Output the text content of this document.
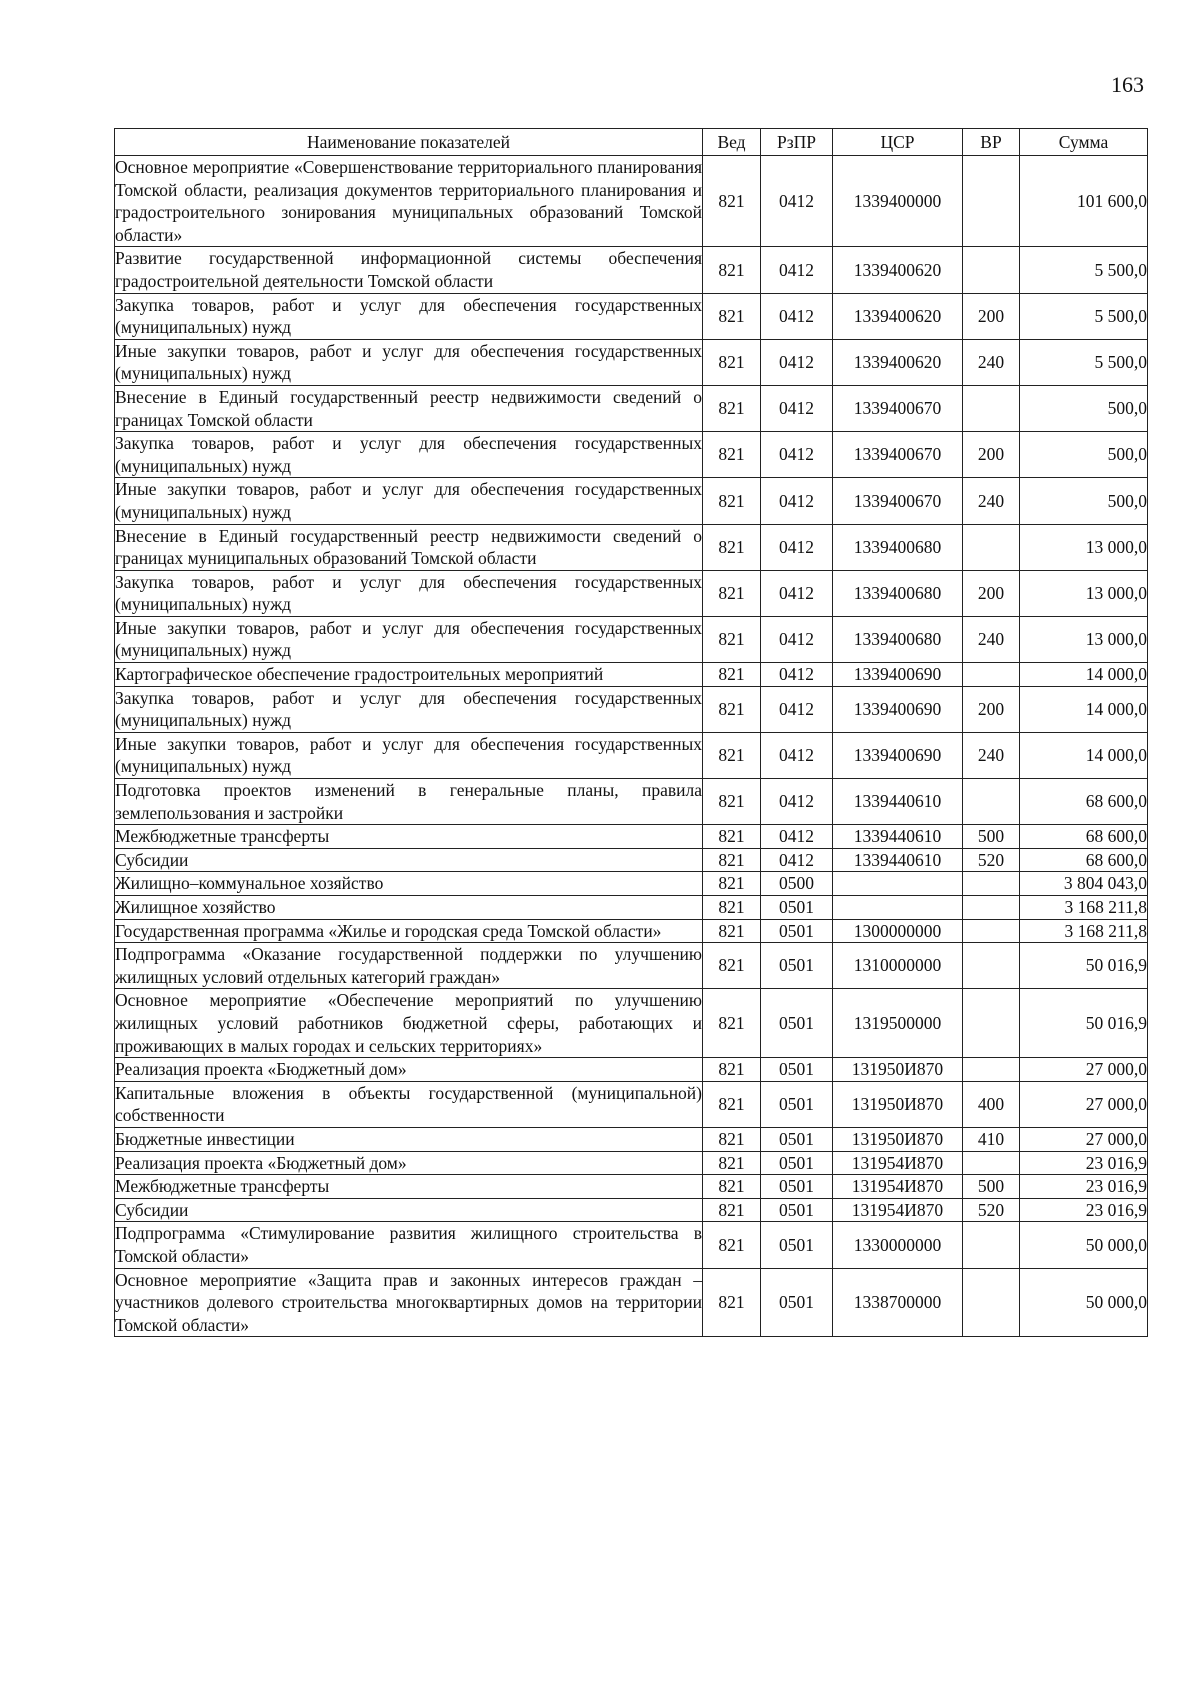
163
Наименование показателей	Вед	РзПР	ЦСР	ВР	Сумма
Основное мероприятие «Совершенствование территориального планирования Томской области, реализация документов территориального планирования и градостроительного зонирования муниципальных образований Томской области»	821	0412	1339400000		101 600,0
Развитие государственной информационной системы обеспечения градостроительной деятельности Томской области	821	0412	1339400620		5 500,0
Закупка товаров, работ и услуг для обеспечения государственных (муниципальных) нужд	821	0412	1339400620	200	5 500,0
Иные закупки товаров, работ и услуг для обеспечения государственных (муниципальных) нужд	821	0412	1339400620	240	5 500,0
Внесение в Единый государственный реестр недвижимости сведений о границах Томской области	821	0412	1339400670		500,0
Закупка товаров, работ и услуг для обеспечения государственных (муниципальных) нужд	821	0412	1339400670	200	500,0
Иные закупки товаров, работ и услуг для обеспечения государственных (муниципальных) нужд	821	0412	1339400670	240	500,0
Внесение в Единый государственный реестр недвижимости сведений о границах муниципальных образований Томской области	821	0412	1339400680		13 000,0
Закупка товаров, работ и услуг для обеспечения государственных (муниципальных) нужд	821	0412	1339400680	200	13 000,0
Иные закупки товаров, работ и услуг для обеспечения государственных (муниципальных) нужд	821	0412	1339400680	240	13 000,0
Картографическое обеспечение градостроительных мероприятий	821	0412	1339400690		14 000,0
Закупка товаров, работ и услуг для обеспечения государственных (муниципальных) нужд	821	0412	1339400690	200	14 000,0
Иные закупки товаров, работ и услуг для обеспечения государственных (муниципальных) нужд	821	0412	1339400690	240	14 000,0
Подготовка проектов изменений в генеральные планы, правила землепользования и застройки	821	0412	1339440610		68 600,0
Межбюджетные трансферты	821	0412	1339440610	500	68 600,0
Субсидии	821	0412	1339440610	520	68 600,0
Жилищно–коммунальное хозяйство	821	0500			3 804 043,0
Жилищное хозяйство	821	0501			3 168 211,8
Государственная программа «Жилье и городская среда Томской области»	821	0501	1300000000		3 168 211,8
Подпрограмма «Оказание государственной поддержки по улучшению жилищных условий отдельных категорий граждан»	821	0501	1310000000		50 016,9
Основное мероприятие «Обеспечение мероприятий по улучшению жилищных условий работников бюджетной сферы, работающих и проживающих в малых городах и сельских территориях»	821	0501	1319500000		50 016,9
Реализация проекта «Бюджетный дом»	821	0501	131950И870		27 000,0
Капитальные вложения в объекты государственной (муниципальной) собственности	821	0501	131950И870	400	27 000,0
Бюджетные инвестиции	821	0501	131950И870	410	27 000,0
Реализация проекта «Бюджетный дом»	821	0501	131954И870		23 016,9
Межбюджетные трансферты	821	0501	131954И870	500	23 016,9
Субсидии	821	0501	131954И870	520	23 016,9
Подпрограмма «Стимулирование развития жилищного строительства в Томской области»	821	0501	1330000000		50 000,0
Основное мероприятие «Защита прав и законных интересов граждан – участников долевого строительства многоквартирных домов на территории Томской области»	821	0501	1338700000		50 000,0
